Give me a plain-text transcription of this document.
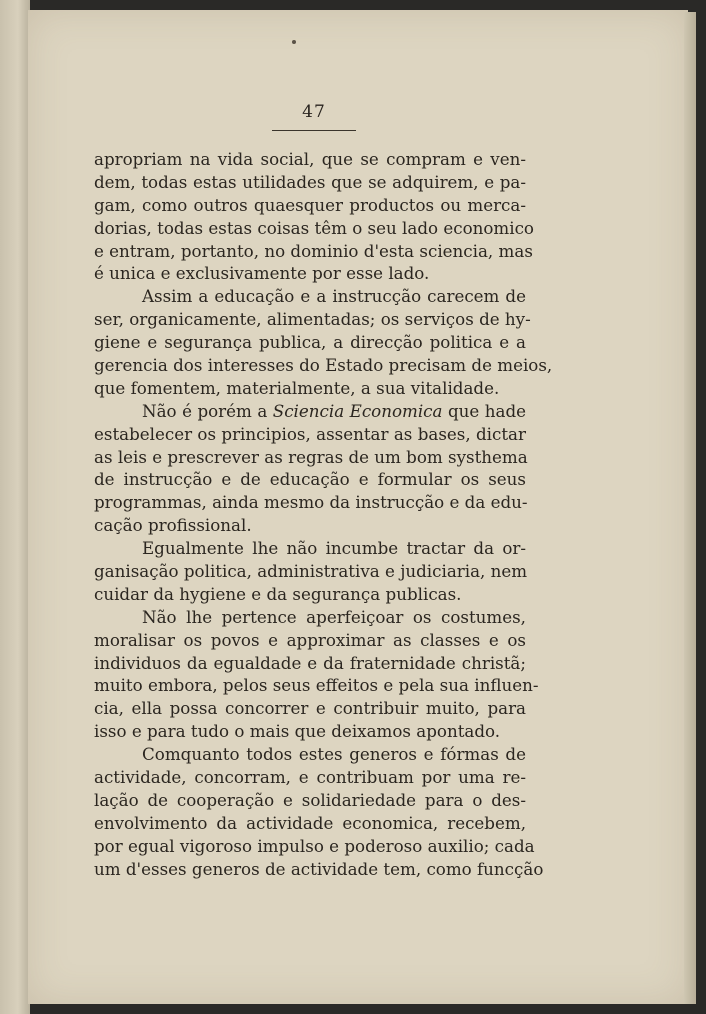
47
apropriam na vida social, que se compram e ven-
dem, todas estas utilidades que se adquirem, e pa-
gam, como outros quaesquer productos ou merca-
dorias, todas estas coisas têm o seu lado economico
e entram, portanto, no dominio d'esta sciencia, mas
é unica e exclusivamente por esse lado.
Assim a educação e a instrucção carecem de
ser, organicamente, alimentadas; os serviços de hy-
giene e segurança publica, a direcção politica e a
gerencia dos interesses do Estado precisam de meios,
que fomentem, materialmente, a sua vitalidade.
Não é porém a Sciencia Economica que hade
estabelecer os principios, assentar as bases, dictar
as leis e prescrever as regras de um bom systhema
de instrucção e de educação e formular os seus
programmas, ainda mesmo da instrucção e da edu-
cação profissional.
Egualmente lhe não incumbe tractar da or-
ganisação politica, administrativa e judiciaria, nem
cuidar da hygiene e da segurança publicas.
Não lhe pertence aperfeiçoar os costumes,
moralisar os povos e approximar as classes e os
individuos da egualdade e da fraternidade christã;
muito embora, pelos seus effeitos e pela sua influen-
cia, ella possa concorrer e contribuir muito, para
isso e para tudo o mais que deixamos apontado.
Comquanto todos estes generos e fórmas de
actividade, concorram, e contribuam por uma re-
lação de cooperação e solidariedade para o des-
envolvimento da actividade economica, recebem,
por egual vigoroso impulso e poderoso auxilio; cada
um d'esses generos de actividade tem, como funcção
